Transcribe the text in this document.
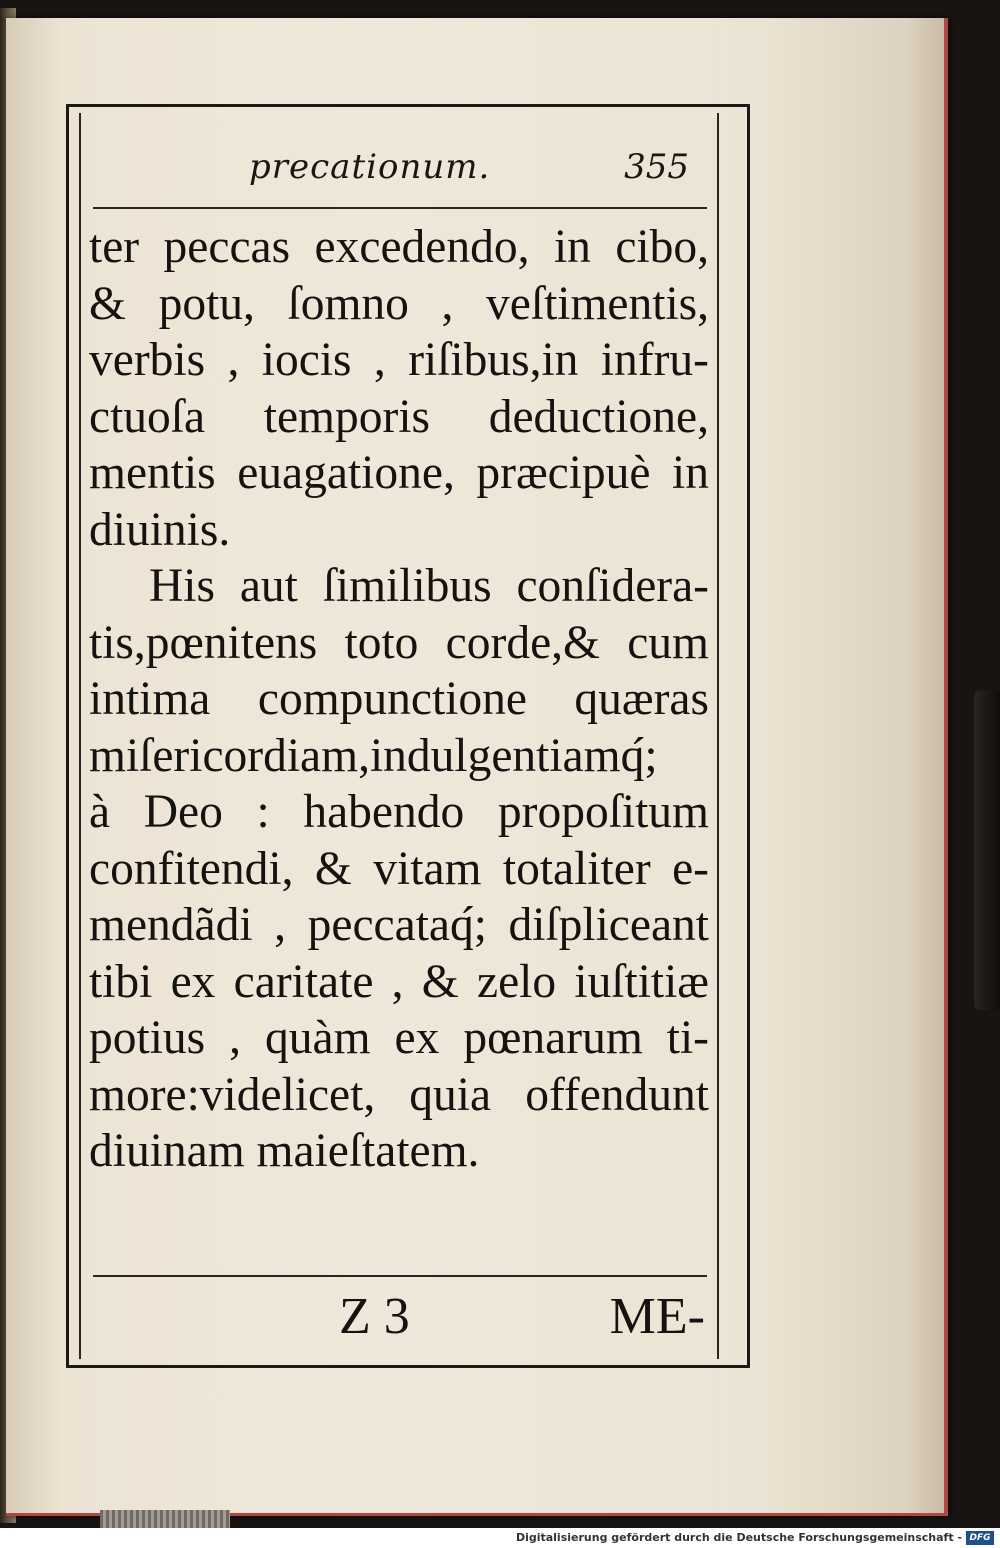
precationum.	355
ter peccas excedendo, in cibo,
& potu, ſomno , veſtimentis,
verbis , iocis , riſibus,in infru-
ctuoſa temporis deductione,
mentis euagatione, præcipuè in
diuinis.
His aut ſimilibus conſidera-
tis,pœnitens toto corde,& cum
intima compunctione quæras
miſericordiam,indulgentiamq́;
à Deo : habendo propoſitum
confitendi, & vitam totaliter e-
mendãdi , peccataq́; diſpliceant
tibi ex caritate , & zelo iuſtitiæ
potius , quàm ex pœnarum ti-
more:videlicet, quia offendunt
diuinam maieſtatem.
Z 3	ME-
Digitalisierung gefördert durch die Deutsche Forschungsgemeinschaft - DFG
